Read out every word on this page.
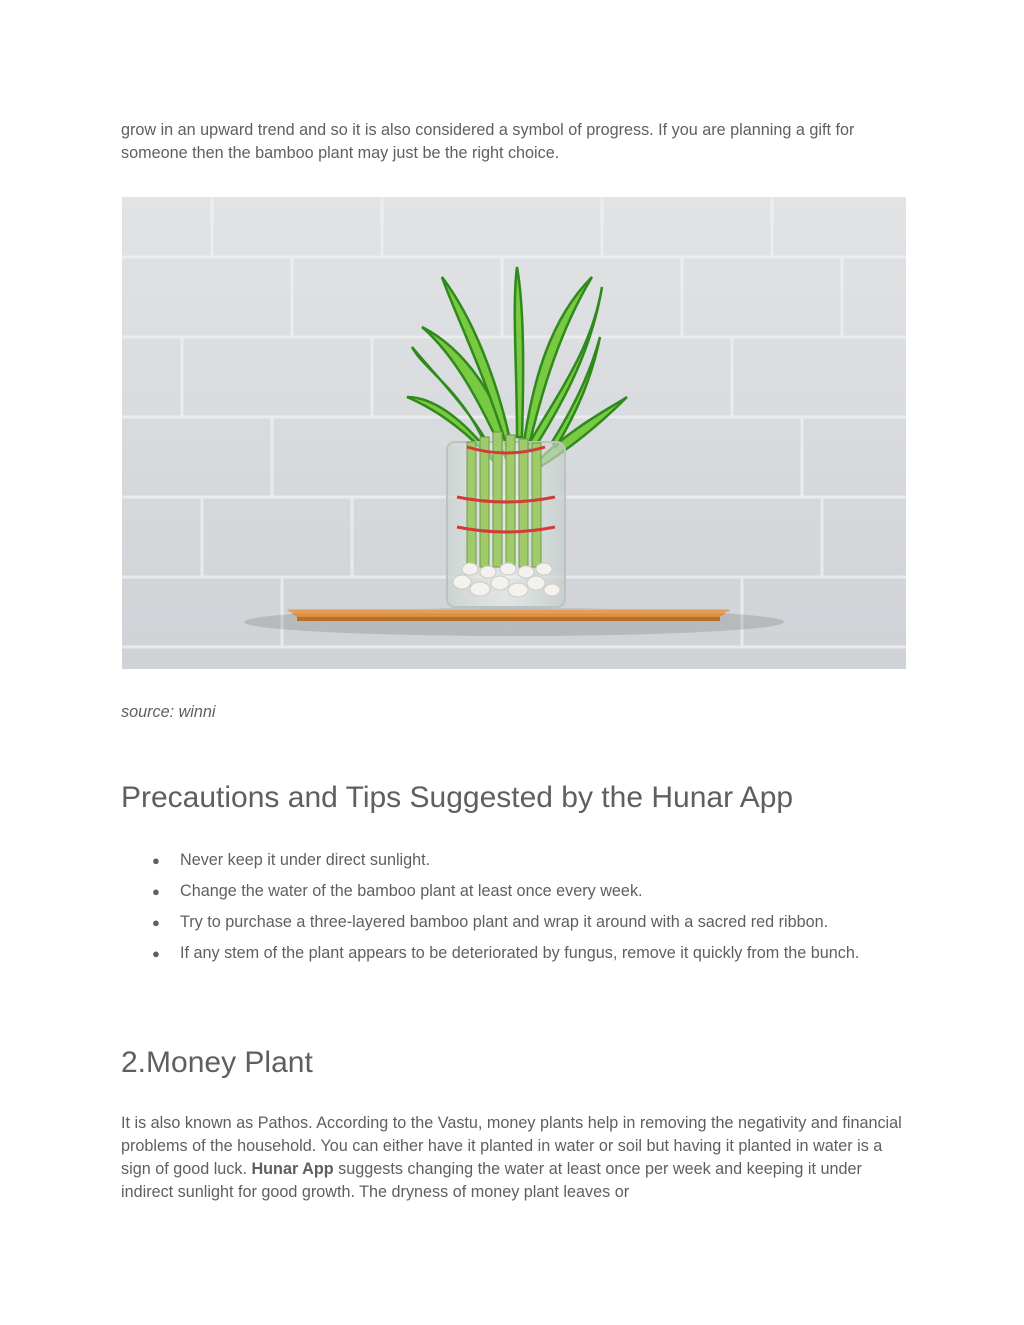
grow in an upward trend and so it is also considered a symbol of progress. If you are planning a gift for someone then the bamboo plant may just be the right choice.

source: winni

Precautions and Tips Suggested by the Hunar App
● Never keep it under direct sunlight.
● Change the water of the bamboo plant at least once every week.
● Try to purchase a three-layered bamboo plant and wrap it around with a sacred red ribbon.
● If any stem of the plant appears to be deteriorated by fungus, remove it quickly from the bunch.
2.Money Plant

It is also known as Pathos. According to the Vastu, money plants help in removing the negativity and financial problems of the household. You can either have it planted in water or soil but having it planted in water is a sign of good luck. Hunar App suggests changing the water at least once per week and keeping it under indirect sunlight for good growth. The dryness of money plant leaves or
